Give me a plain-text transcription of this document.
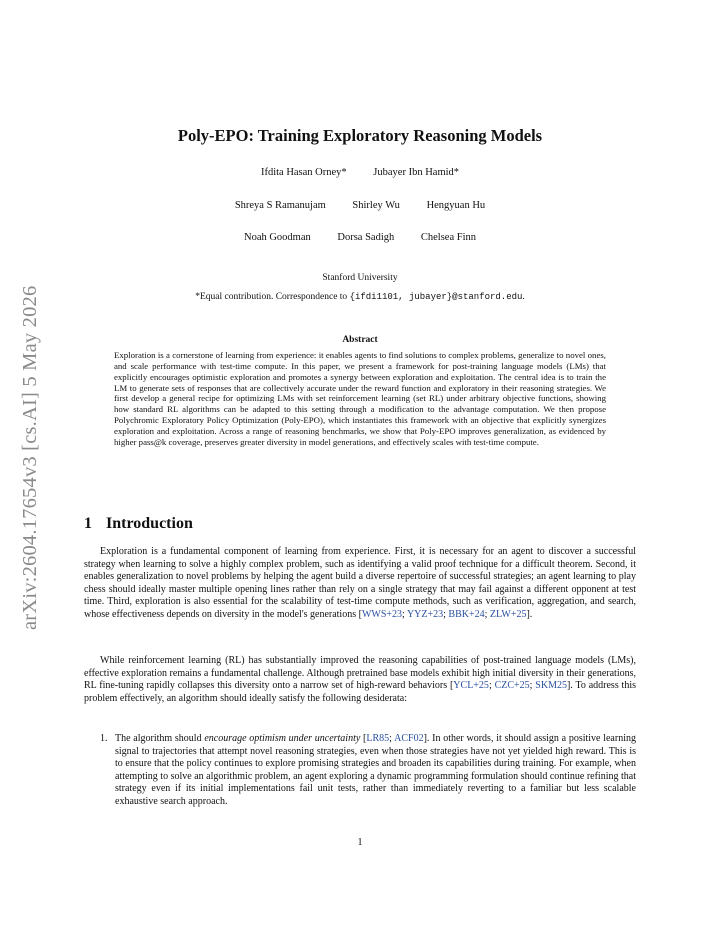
arXiv:2604.17654v3 [cs.AI] 5 May 2026
Poly-EPO: Training Exploratory Reasoning Models
Ifdita Hasan Orney*	Jubayer Ibn Hamid*
Shreya S Ramanujam	Shirley Wu	Hengyuan Hu
Noah Goodman	Dorsa Sadigh	Chelsea Finn
Stanford University
*Equal contribution. Correspondence to {ifdi1101, jubayer}@stanford.edu.
Abstract
Exploration is a cornerstone of learning from experience: it enables agents to find solutions to complex problems, generalize to novel ones, and scale performance with test-time compute. In this paper, we present a framework for post-training language models (LMs) that explicitly encourages optimistic exploration and promotes a synergy between exploration and exploitation. The central idea is to train the LM to generate sets of responses that are collectively accurate under the reward function and exploratory in their reasoning strategies. We first develop a general recipe for optimizing LMs with set reinforcement learning (set RL) under arbitrary objective functions, showing how standard RL algorithms can be adapted to this setting through a modification to the advantage computation. We then propose Polychromic Exploratory Policy Optimization (Poly-EPO), which instantiates this framework with an objective that explicitly synergizes exploration and exploitation. Across a range of reasoning benchmarks, we show that Poly-EPO improves generalization, as evidenced by higher pass@k coverage, preserves greater diversity in model generations, and effectively scales with test-time compute.
1 Introduction

Exploration is a fundamental component of learning from experience. First, it is necessary for an agent to discover a successful strategy when learning to solve a highly complex problem, such as identifying a valid proof technique for a difficult theorem. Second, it enables generalization to novel problems by helping the agent build a diverse repertoire of successful strategies; an agent learning to play chess should ideally master multiple opening lines rather than rely on a single strategy that may fail against a different opponent at test time. Third, exploration is also essential for the scalability of test-time compute methods, such as verification, aggregation, and search, whose effectiveness depends on diversity in the model's generations [WWS+23; YYZ+23; BBK+24; ZLW+25].

While reinforcement learning (RL) has substantially improved the reasoning capabilities of post-trained language models (LMs), effective exploration remains a fundamental challenge. Although pretrained base models exhibit high initial diversity in their generations, RL fine-tuning rapidly collapses this diversity onto a narrow set of high-reward behaviors [YCL+25; CZC+25; SKM25]. To address this problem effectively, an algorithm should ideally satisfy the following desiderata:

1. The algorithm should encourage optimism under uncertainty [LR85; ACF02]. In other words, it should assign a positive learning signal to trajectories that attempt novel reasoning strategies, even when those strategies have not yet yielded high reward. This is to ensure that the policy continues to explore promising strategies and broaden its capabilities during training. For example, when attempting to solve an algorithmic problem, an agent exploring a dynamic programming formulation should continue refining that strategy even if its initial implementations fail unit tests, rather than immediately reverting to a familiar but less scalable exhaustive search approach.
1
